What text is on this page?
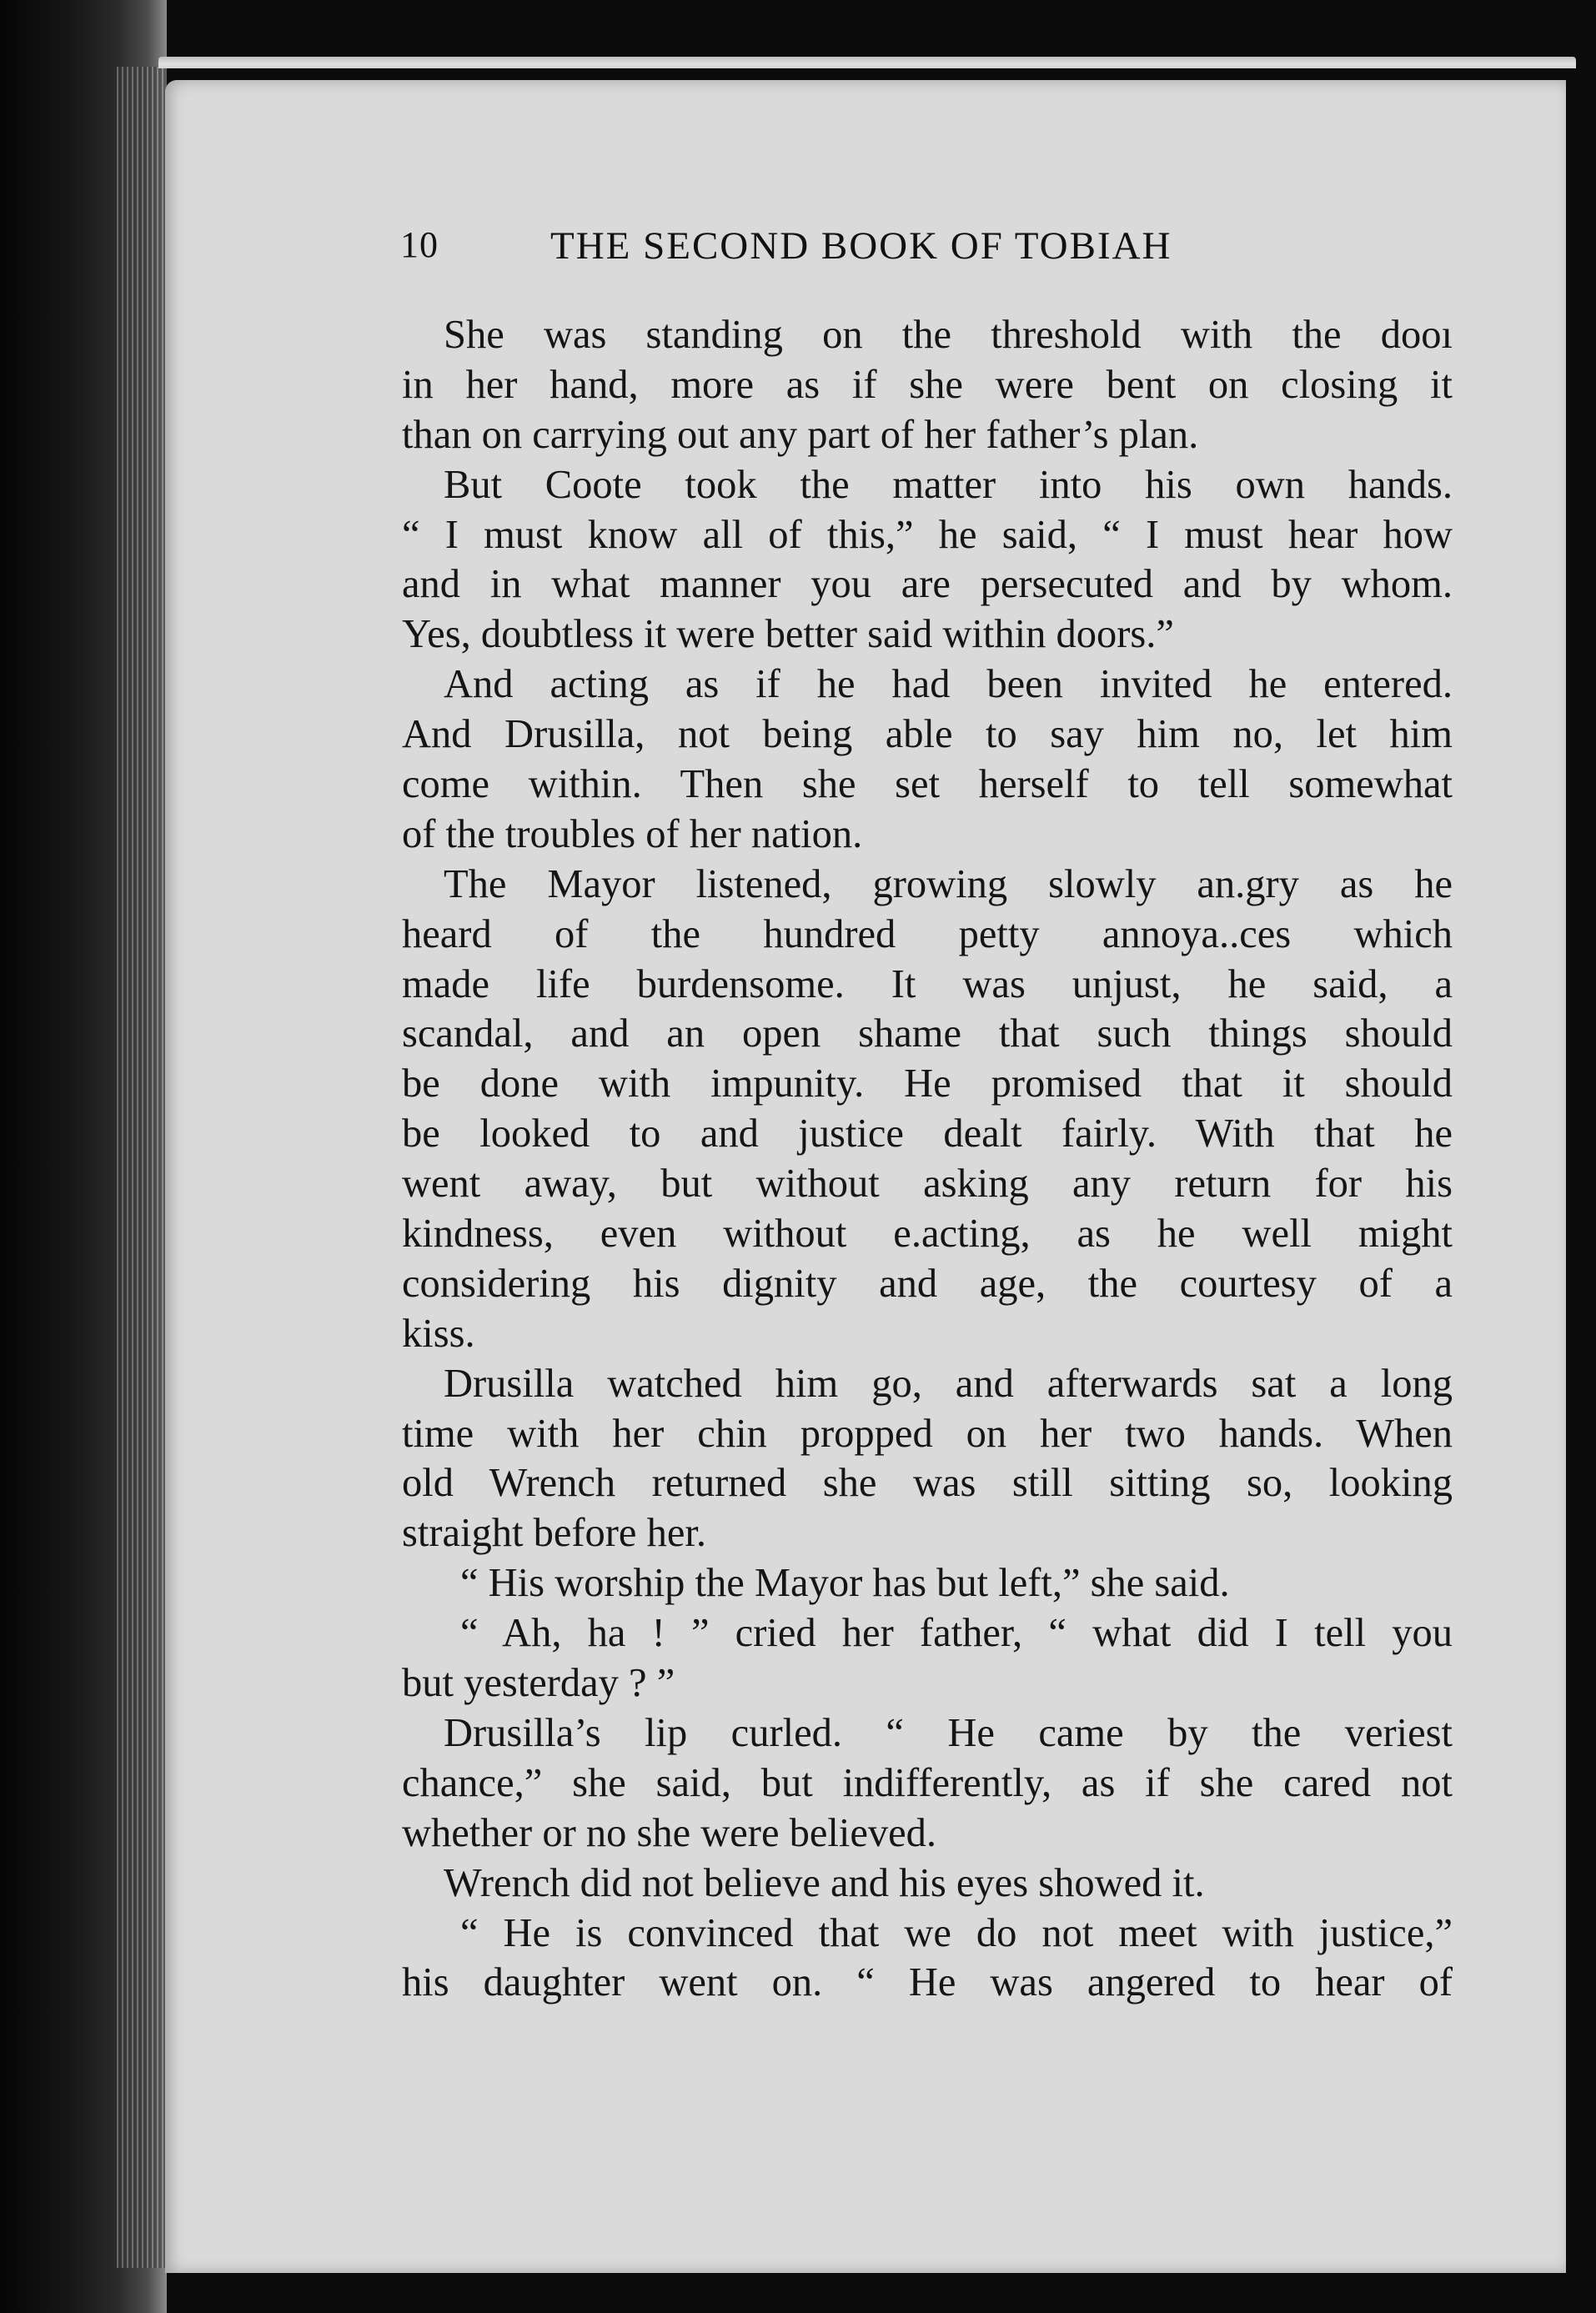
10	THE SECOND BOOK OF TOBIAH
She was standing on the threshold with the dooı
in her hand, more as if she were bent on closing it
than on carrying out any part of her father’s plan.
But Coote took the matter into his own hands.
“ I must know all of this,” he said, “ I must hear how
and in what manner you are persecuted and by whom.
Yes, doubtless it were better said within doors.”
And acting as if he had been invited he entered.
And Drusilla, not being able to say him no, let him
come within. Then she set herself to tell somewhat
of the troubles of her nation.
The Mayor listened, growing slowly an.gry as he
heard of the hundred petty annoya..ces which
made life burdensome. It was unjust, he said, a
scandal, and an open shame that such things should
be done with impunity. He promised that it should
be looked to and justice dealt fairly. With that he
went away, but without asking any return for his
kindness, even without e.acting, as he well might
considering his dignity and age, the courtesy of a
kiss.
Drusilla watched him go, and afterwards sat a long
time with her chin propped on her two hands. When
old Wrench returned she was still sitting so, looking
straight before her.
“ His worship the Mayor has but left,” she said.
“ Ah, ha ! ” cried her father, “ what did I tell you
but yesterday ? ”
Drusilla’s lip curled. “ He came by the veriest
chance,” she said, but indifferently, as if she cared not
whether or no she were believed.
Wrench did not believe and his eyes showed it.
“ He is convinced that we do not meet with justice,”
his daughter went on. “ He was angered to hear of
